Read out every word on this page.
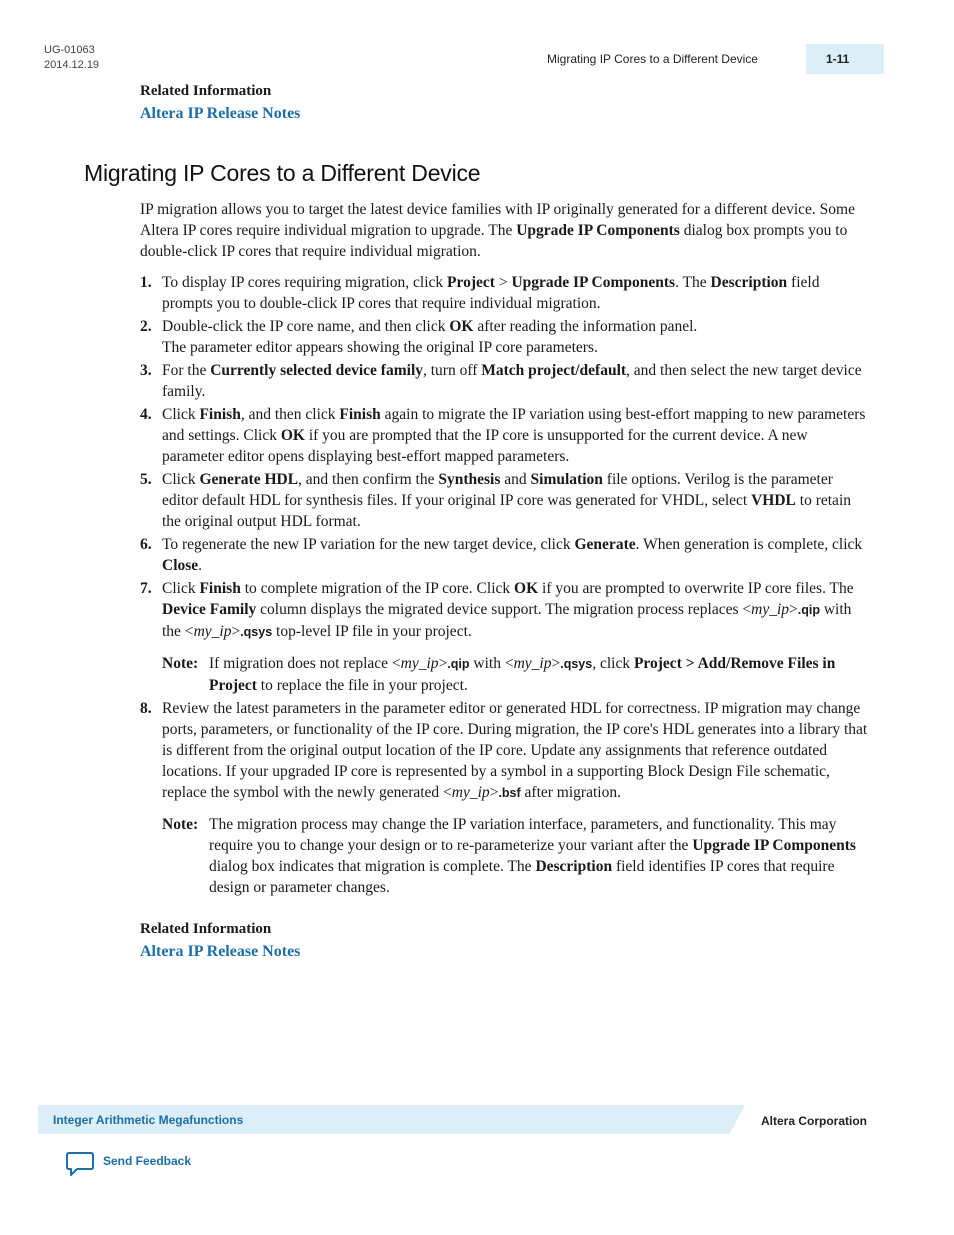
UG-01063
2014.12.19	Migrating IP Cores to a Different Device	1-11
Related Information
Altera IP Release Notes
Migrating IP Cores to a Different Device

IP migration allows you to target the latest device families with IP originally generated for a different device. Some Altera IP cores require individual migration to upgrade. The Upgrade IP Components dialog box prompts you to double-click IP cores that require individual migration.

1. To display IP cores requiring migration, click Project > Upgrade IP Components. The Description field prompts you to double-click IP cores that require individual migration.
2. Double-click the IP core name, and then click OK after reading the information panel.
The parameter editor appears showing the original IP core parameters.
3. For the Currently selected device family, turn off Match project/default, and then select the new target device family.
4. Click Finish, and then click Finish again to migrate the IP variation using best-effort mapping to new parameters and settings. Click OK if you are prompted that the IP core is unsupported for the current device. A new parameter editor opens displaying best-effort mapped parameters.
5. Click Generate HDL, and then confirm the Synthesis and Simulation file options. Verilog is the parameter editor default HDL for synthesis files. If your original IP core was generated for VHDL, select VHDL to retain the original output HDL format.
6. To regenerate the new IP variation for the new target device, click Generate. When generation is complete, click Close.
7. Click Finish to complete migration of the IP core. Click OK if you are prompted to overwrite IP core files. The Device Family column displays the migrated device support. The migration process replaces <my_ip>.qip with the <my_ip>.qsys top-level IP file in your project.
Note: If migration does not replace <my_ip>.qip with <my_ip>.qsys, click Project > Add/Remove Files in Project to replace the file in your project.
8. Review the latest parameters in the parameter editor or generated HDL for correctness. IP migration may change ports, parameters, or functionality of the IP core. During migration, the IP core's HDL generates into a library that is different from the original output location of the IP core. Update any assignments that reference outdated locations. If your upgraded IP core is represented by a symbol in a supporting Block Design File schematic, replace the symbol with the newly generated <my_ip>.bsf after migration.
Note: The migration process may change the IP variation interface, parameters, and functionality. This may require you to change your design or to re-parameterize your variant after the Upgrade IP Components dialog box indicates that migration is complete. The Description field identifies IP cores that require design or parameter changes.
Related Information
Altera IP Release Notes
Integer Arithmetic Megafunctions	Altera Corporation
Send Feedback
